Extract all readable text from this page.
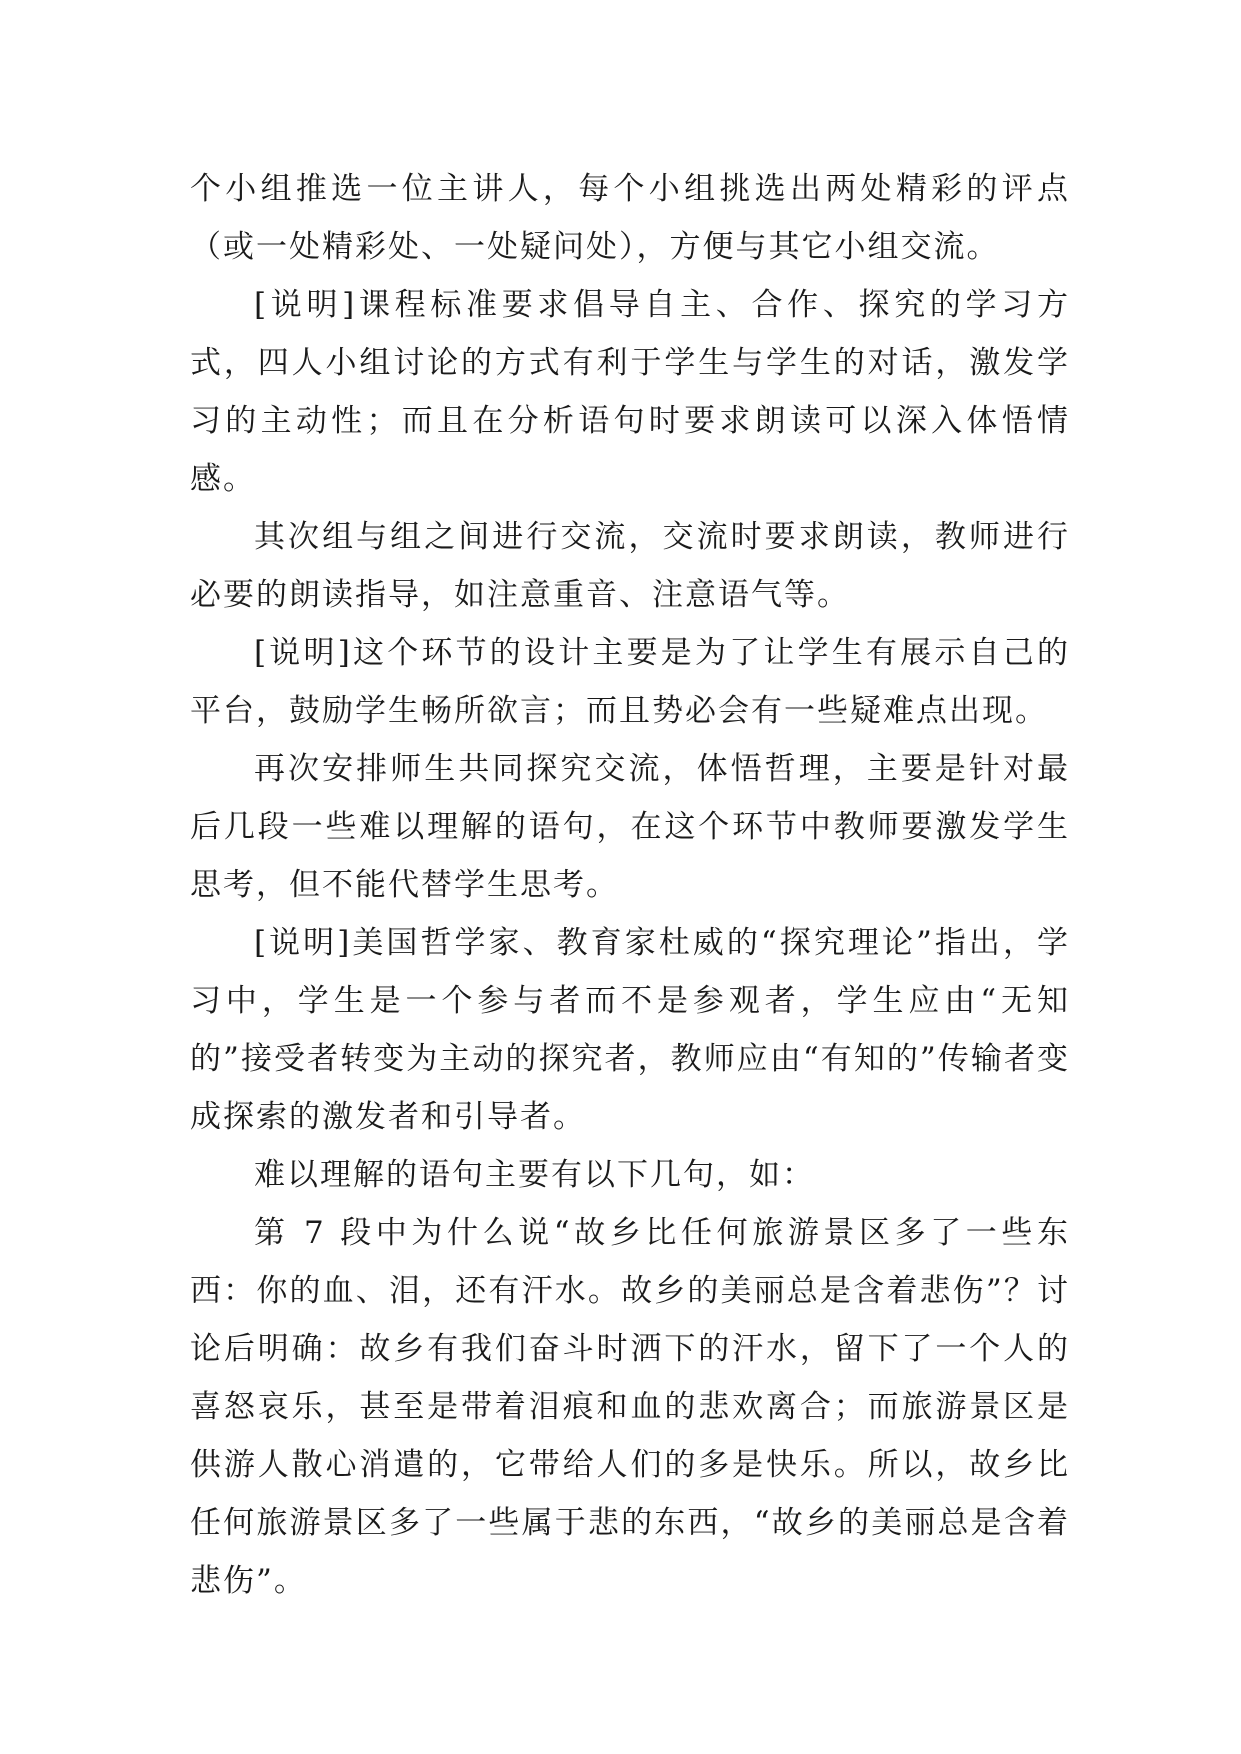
个小组推选一位主讲人，每个小组挑选出两处精彩的评点（或一处精彩处、一处疑问处），方便与其它小组交流。

[说明]课程标准要求倡导自主、合作、探究的学习方式，四人小组讨论的方式有利于学生与学生的对话，激发学习的主动性；而且在分析语句时要求朗读可以深入体悟情感。

其次组与组之间进行交流，交流时要求朗读，教师进行必要的朗读指导，如注意重音、注意语气等。

[说明]这个环节的设计主要是为了让学生有展示自己的平台，鼓励学生畅所欲言；而且势必会有一些疑难点出现。

再次安排师生共同探究交流，体悟哲理，主要是针对最后几段一些难以理解的语句，在这个环节中教师要激发学生思考，但不能代替学生思考。

[说明]美国哲学家、教育家杜威的“探究理论”指出，学习中，学生是一个参与者而不是参观者，学生应由“无知的”接受者转变为主动的探究者，教师应由“有知的”传输者变成探索的激发者和引导者。

难以理解的语句主要有以下几句，如：

第 7 段中为什么说“故乡比任何旅游景区多了一些东西：你的血、泪，还有汗水。故乡的美丽总是含着悲伤”？讨论后明确：故乡有我们奋斗时洒下的汗水，留下了一个人的喜怒哀乐，甚至是带着泪痕和血的悲欢离合；而旅游景区是供游人散心消遣的，它带给人们的多是快乐。所以，故乡比任何旅游景区多了一些属于悲的东西，“故乡的美丽总是含着悲伤”。
